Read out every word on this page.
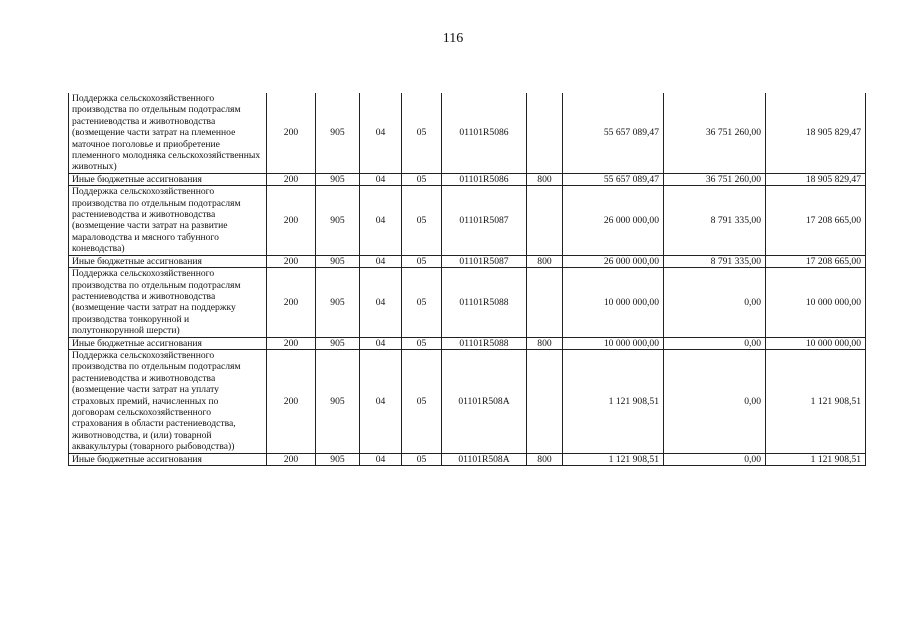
116
Поддержка сельскохозяйственного производства по отдельным подотраслям растениеводства и животноводства (возмещение части затрат на племенное маточное поголовье и приобретение племенного молодняка сельскохозяйственных животных)	200	905	04	05	01101R5086		55 657 089,47	36 751 260,00	18 905 829,47
Иные бюджетные ассигнования	200	905	04	05	01101R5086	800	55 657 089,47	36 751 260,00	18 905 829,47
Поддержка сельскохозяйственного производства по отдельным подотраслям растениеводства и животноводства (возмещение части затрат на развитие мараловодства и мясного табунного коневодства)	200	905	04	05	01101R5087		26 000 000,00	8 791 335,00	17 208 665,00
Иные бюджетные ассигнования	200	905	04	05	01101R5087	800	26 000 000,00	8 791 335,00	17 208 665,00
Поддержка сельскохозяйственного производства по отдельным подотраслям растениеводства и животноводства (возмещение части затрат на поддержку производства тонкорунной и полутонкорунной шерсти)	200	905	04	05	01101R5088		10 000 000,00	0,00	10 000 000,00
Иные бюджетные ассигнования	200	905	04	05	01101R5088	800	10 000 000,00	0,00	10 000 000,00
Поддержка сельскохозяйственного производства по отдельным подотраслям растениеводства и животноводства (возмещение части затрат на уплату страховых премий, начисленных по договорам сельскохозяйственного страхования в области растениеводства, животноводства, и (или) товарной аквакультуры (товарного рыбоводства))	200	905	04	05	01101R508A		1 121 908,51	0,00	1 121 908,51
Иные бюджетные ассигнования	200	905	04	05	01101R508A	800	1 121 908,51	0,00	1 121 908,51
